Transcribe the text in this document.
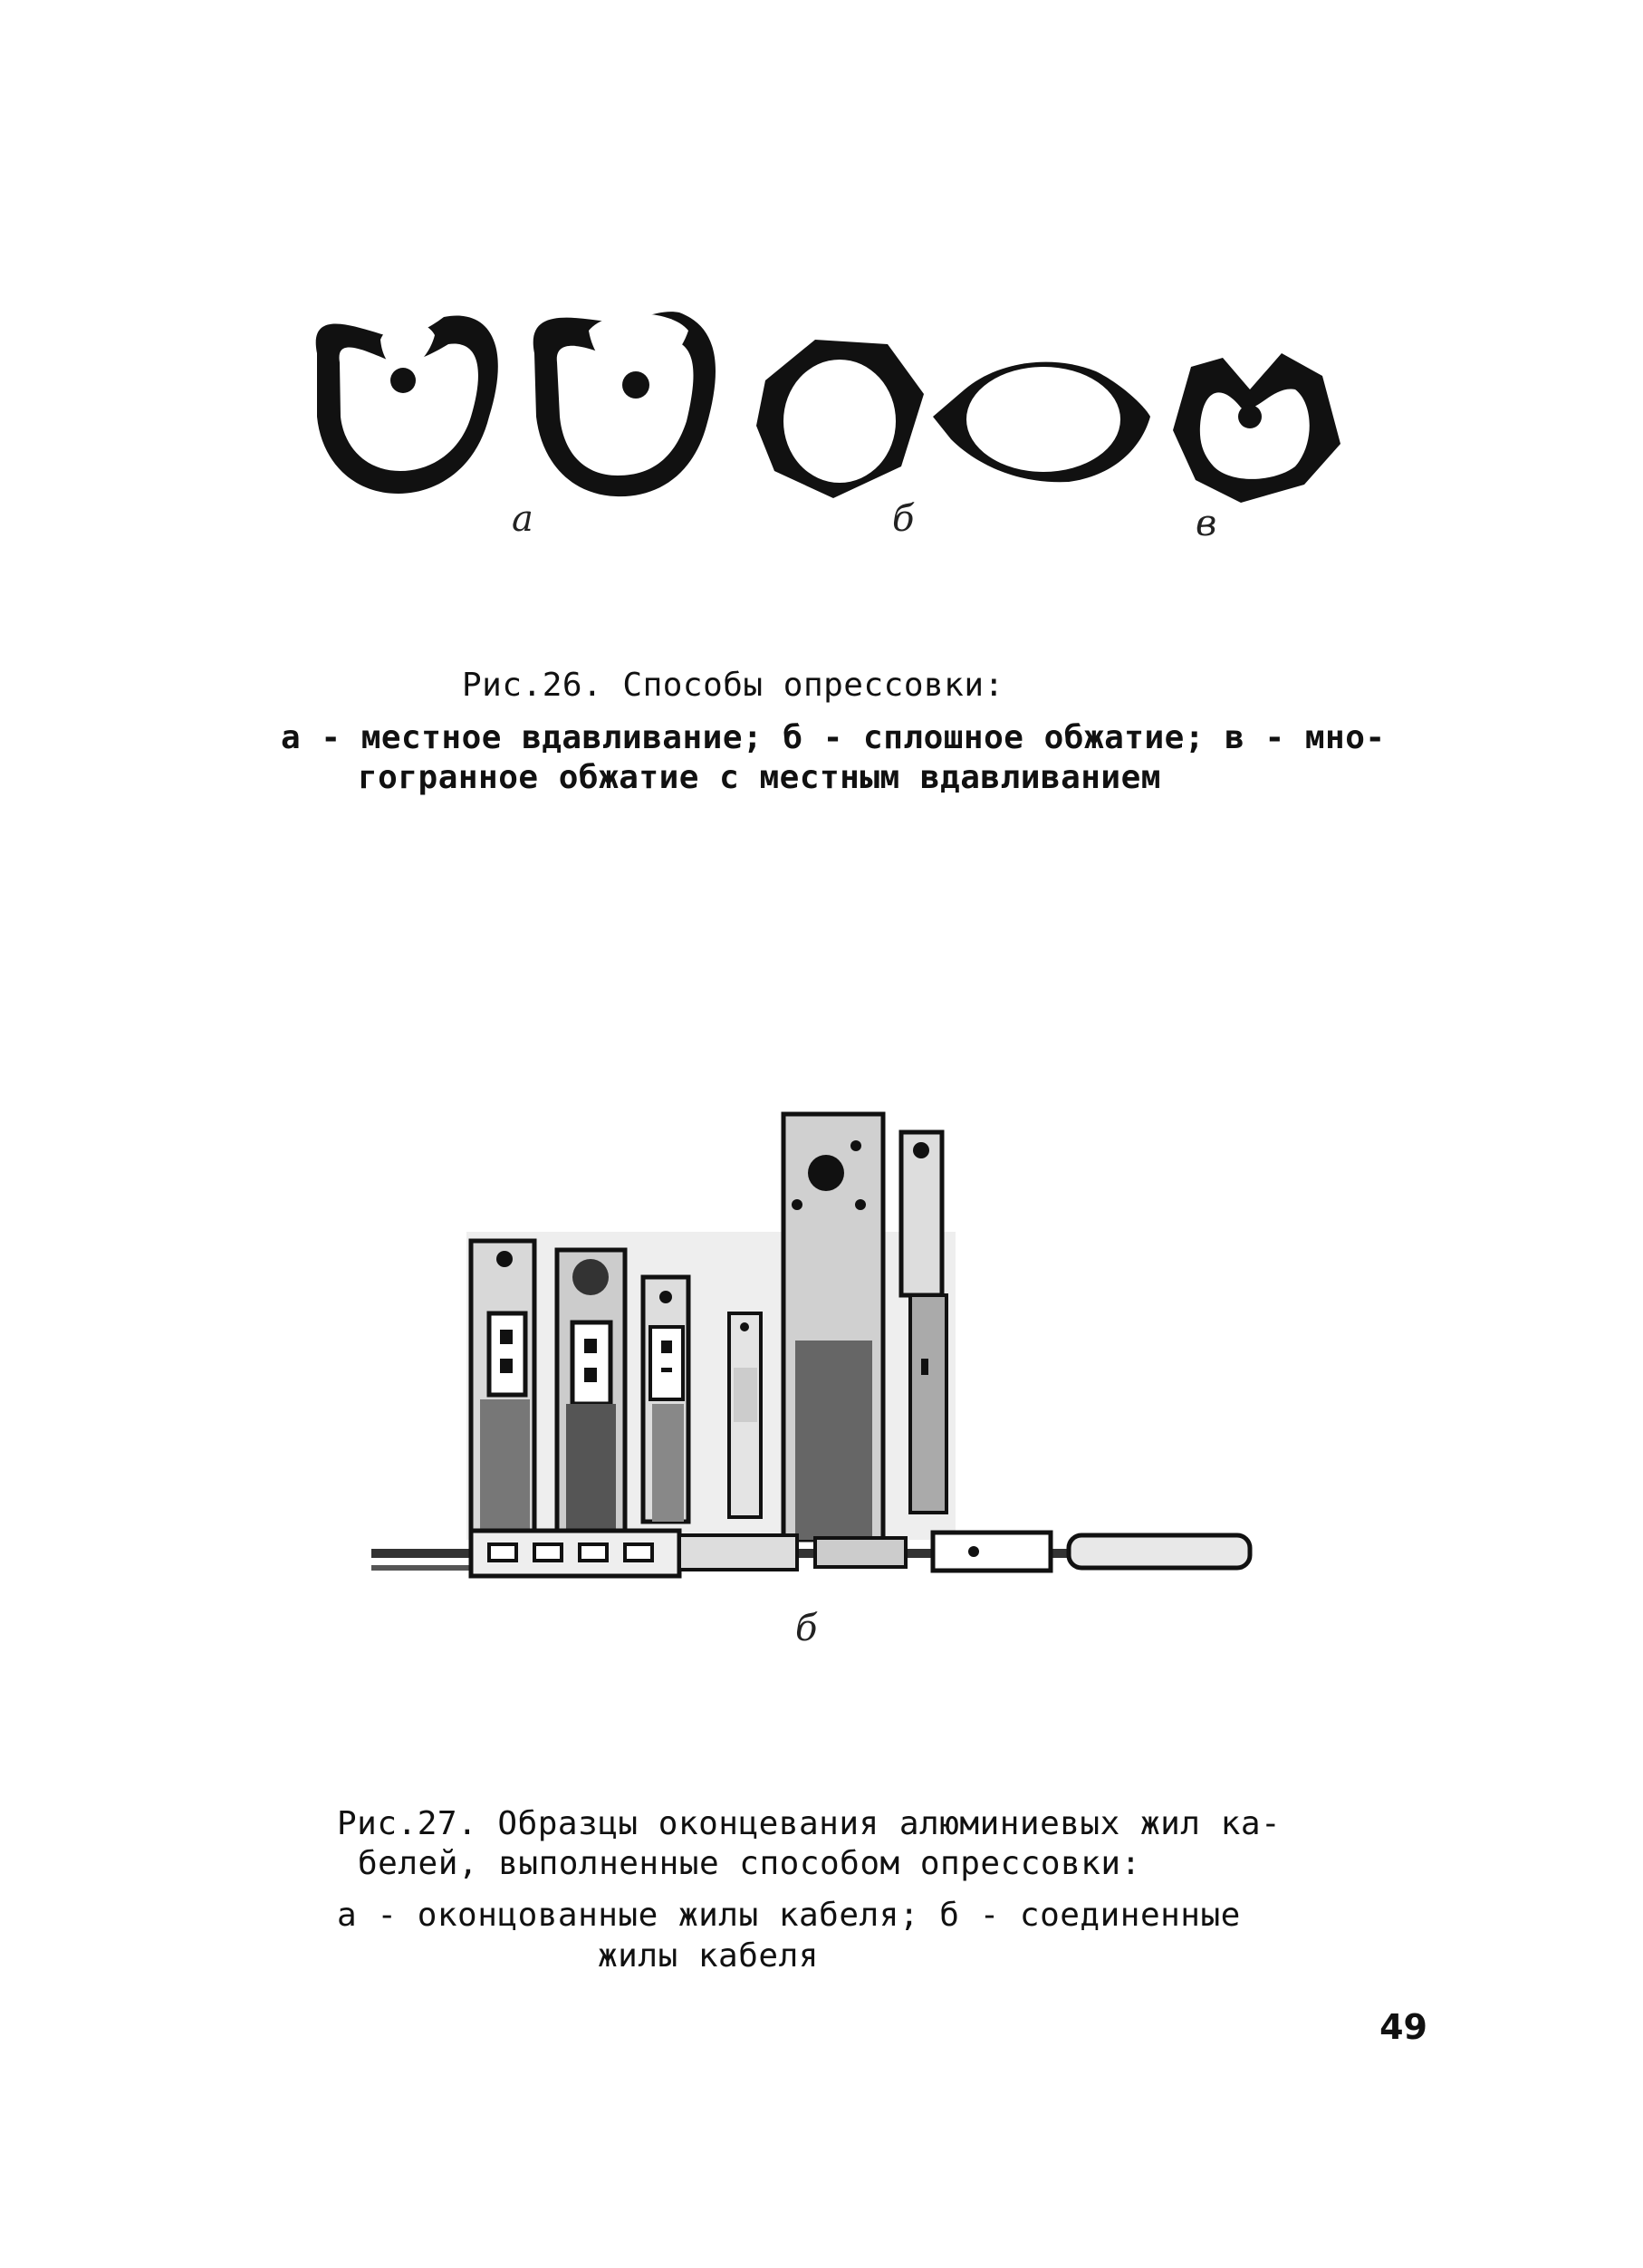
а	б	в
Рис.26. Способы опрессовки:
а - местное вдавливание; б - сплошное обжатие; в - мно-
гогранное обжатие с местным вдавливанием
б
Рис.27. Образцы оконцевания алюминиевых жил ка-
белей, выполненные способом опрессовки:
а - оконцованные жилы кабеля; б - соединенные
жилы кабеля
49
